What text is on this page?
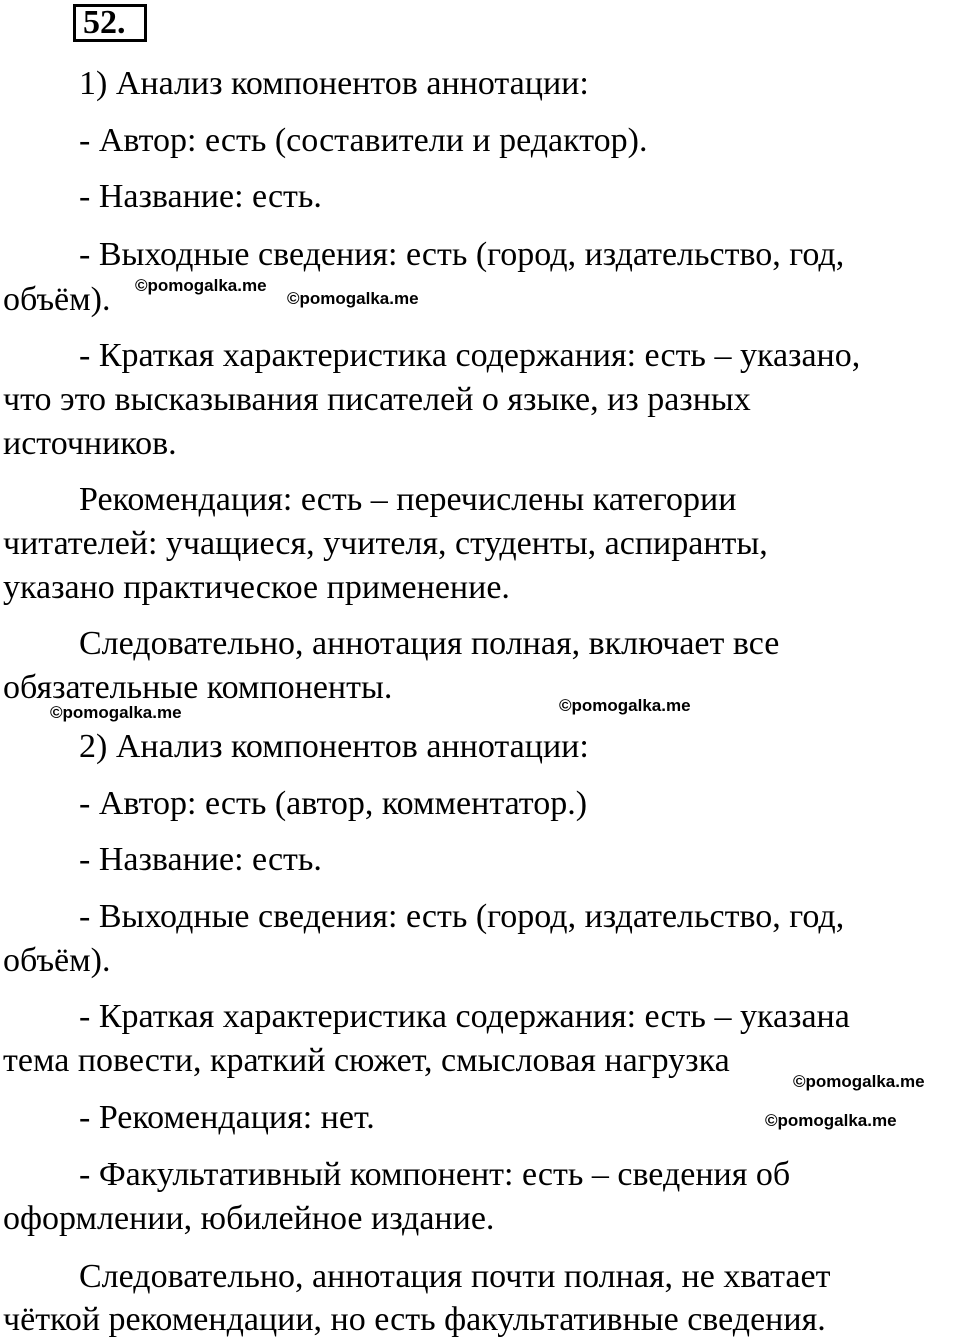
52.
1) Анализ компонентов аннотации:
- Автор: есть (составители и редактор).
- Название: есть.
- Выходные сведения: есть (город, издательство, год,
объём).
- Краткая характеристика содержания: есть – указано,
что это высказывания писателей о языке, из разных
источников.
Рекомендация: есть – перечислены категории
читателей: учащиеся, учителя, студенты, аспиранты,
указано практическое применение.
Следовательно, аннотация полная, включает все
обязательные компоненты.
2) Анализ компонентов аннотации:
- Автор: есть (автор, комментатор.)
- Название: есть.
- Выходные сведения: есть (город, издательство, год,
объём).
- Краткая характеристика содержания: есть – указана
тема повести, краткий сюжет, смысловая нагрузка
- Рекомендация: нет.
- Факультативный компонент: есть – сведения об
оформлении, юбилейное издание.
Следовательно, аннотация почти полная, не хватает
чёткой рекомендации, но есть факультативные сведения.
©pomogalka.me
©pomogalka.me
©pomogalka.me	©pomogalka.me
©pomogalka.me
©pomogalka.me
